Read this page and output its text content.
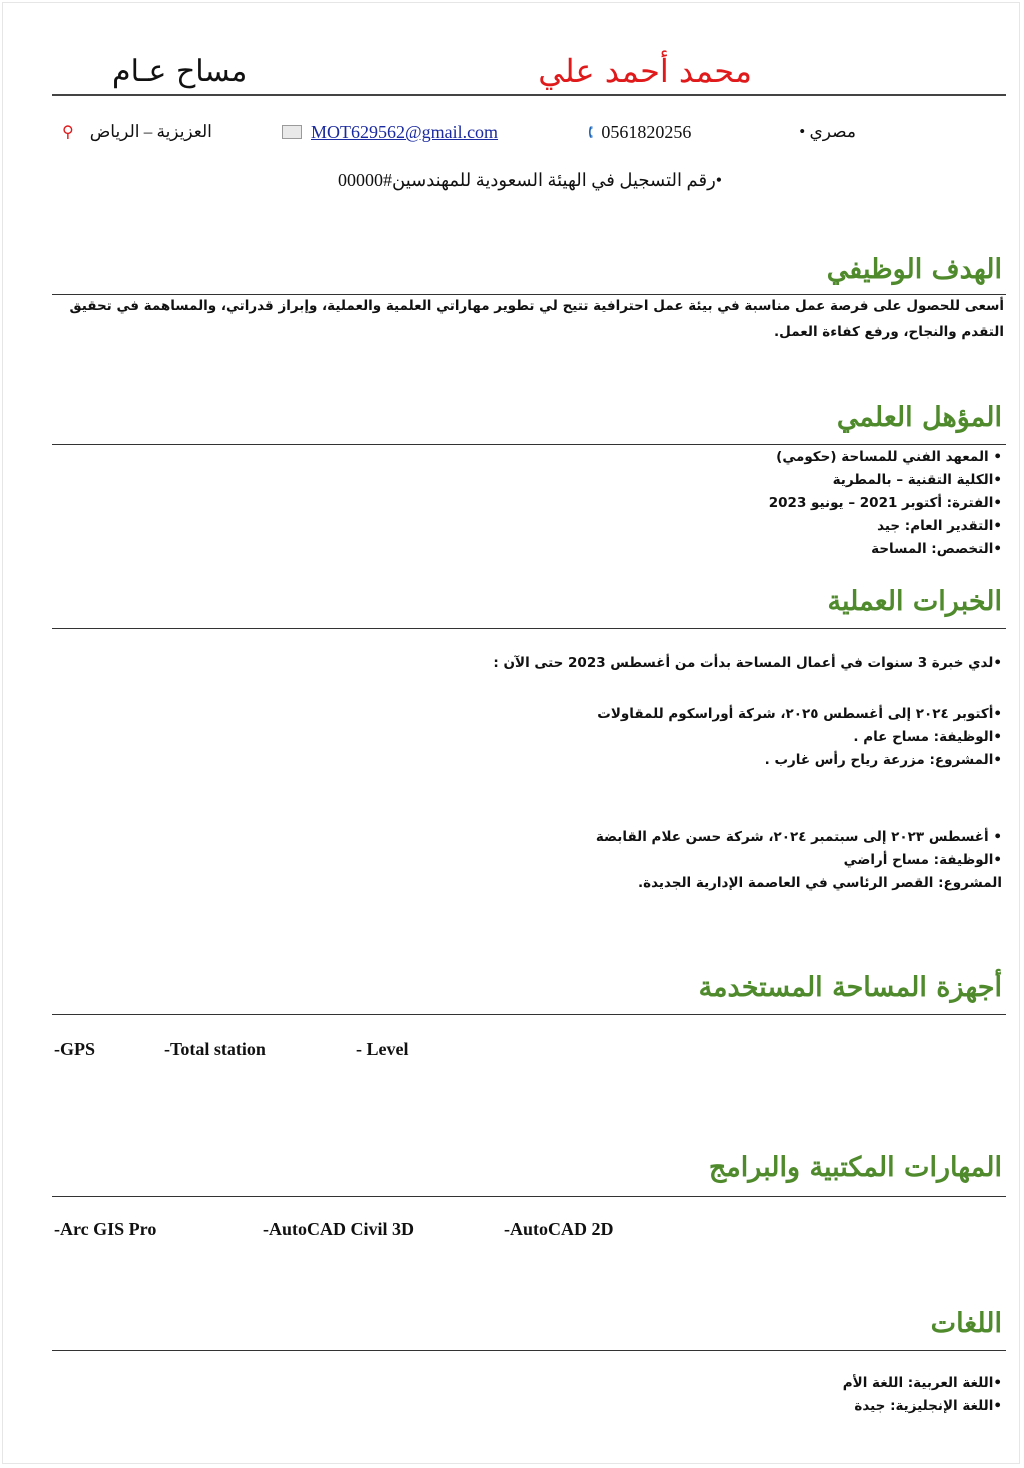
محمد أحمد علي
مساح عـام
مصري •
🕻 0561820256
MOT629562@gmail.com
⚲ العزيزية – الرياض
•رقم التسجيل في الهيئة السعودية للمهندسين#00000
الهدف الوظيفي
أسعى للحصول على فرصة عمل مناسبة في بيئة عمل احترافية تتيح لي تطوير مهاراتي العلمية والعملية، وإبراز قدراتي، والمساهمة في تحقيق التقدم والنجاح، ورفع كفاءة العمل.
المؤهل العلمي
• المعهد الفني للمساحة (حكومي)
•الكلية التقنية – بالمطرية
•الفترة: أكتوبر 2021 – يونيو 2023
•التقدير العام: جيد
•التخصص: المساحة
الخبرات العملية
•لدي خبرة 3 سنوات في أعمال المساحة بدأت من أغسطس 2023 حتى الآن :
•أكتوبر ٢٠٢٤ إلى أغسطس ٢٠٢٥، شركة أوراسكوم للمقاولات
•الوظيفة: مساح عام .
•المشروع: مزرعة رياح رأس غارب .
• أغسطس ٢٠٢٣ إلى سبتمبر ٢٠٢٤، شركة حسن علام القابضة
•الوظيفة: مساح أراضي
المشروع: القصر الرئاسي في العاصمة الإدارية الجديدة.
أجهزة المساحة المستخدمة
- Level
-Total station
-GPS
المهارات المكتبية والبرامج
-AutoCAD 2D
-AutoCAD Civil 3D
-Arc GIS Pro
اللغات
•اللغة العربية: اللغة الأم
•اللغة الإنجليزية: جيدة
